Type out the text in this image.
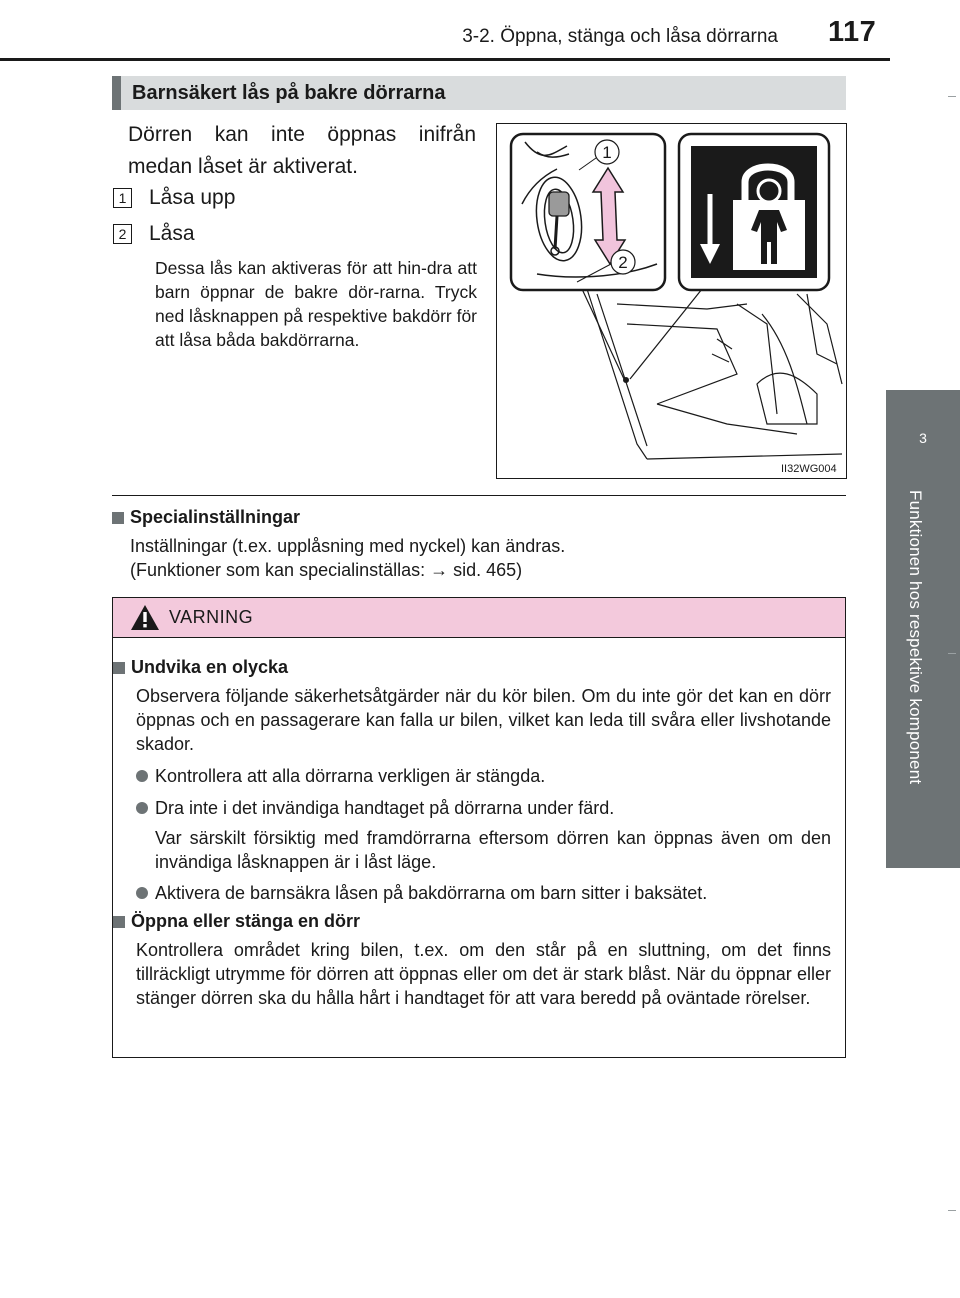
3-2. Öppna, stänga och låsa dörrarna 117
3
Funktionen hos respektive komponent
Barnsäkert lås på bakre dörrarna
Dörren kan inte öppnas inifrån
medan låset är aktiverat.
1 Låsa upp
2 Låsa
Dessa lås kan aktiveras för att hin-dra att barn öppnar de bakre dör-rarna. Tryck ned låsknappen på respektive bakdörr för att låsa båda bakdörrarna.
1
2
II32WG004
Specialinställningar
Inställningar (t.ex. upplåsning med nyckel) kan ändras.
(Funktioner som kan specialinställas: → sid. 465)
VARNING
Undvika en olycka
Observera följande säkerhetsåtgärder när du kör bilen. Om du inte gör det kan en dörr öppnas och en passagerare kan falla ur bilen, vilket kan leda till svåra eller livshotande skador.
Kontrollera att alla dörrarna verkligen är stängda.
Dra inte i det invändiga handtaget på dörrarna under färd.
Var särskilt försiktig med framdörrarna eftersom dörren kan öppnas även om den invändiga låsknappen är i låst läge.
Aktivera de barnsäkra låsen på bakdörrarna om barn sitter i baksätet.
Öppna eller stänga en dörr
Kontrollera området kring bilen, t.ex. om den står på en sluttning, om det finns tillräckligt utrymme för dörren att öppnas eller om det är stark blåst. När du öppnar eller stänger dörren ska du hålla hårt i handtaget för att vara beredd på oväntade rörelser.
